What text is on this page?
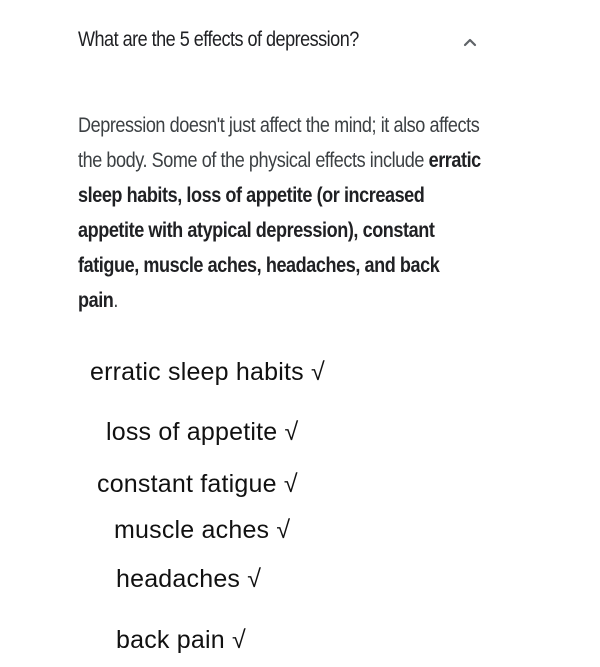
What are the 5 effects of depression?
Depression doesn't just affect the mind; it also affects the body. Some of the physical effects include erratic sleep habits, loss of appetite (or increased appetite with atypical depression), constant fatigue, muscle aches, headaches, and back pain.
erratic sleep habits √
loss of appetite √
constant fatigue √
muscle aches √
headaches √
back pain √
